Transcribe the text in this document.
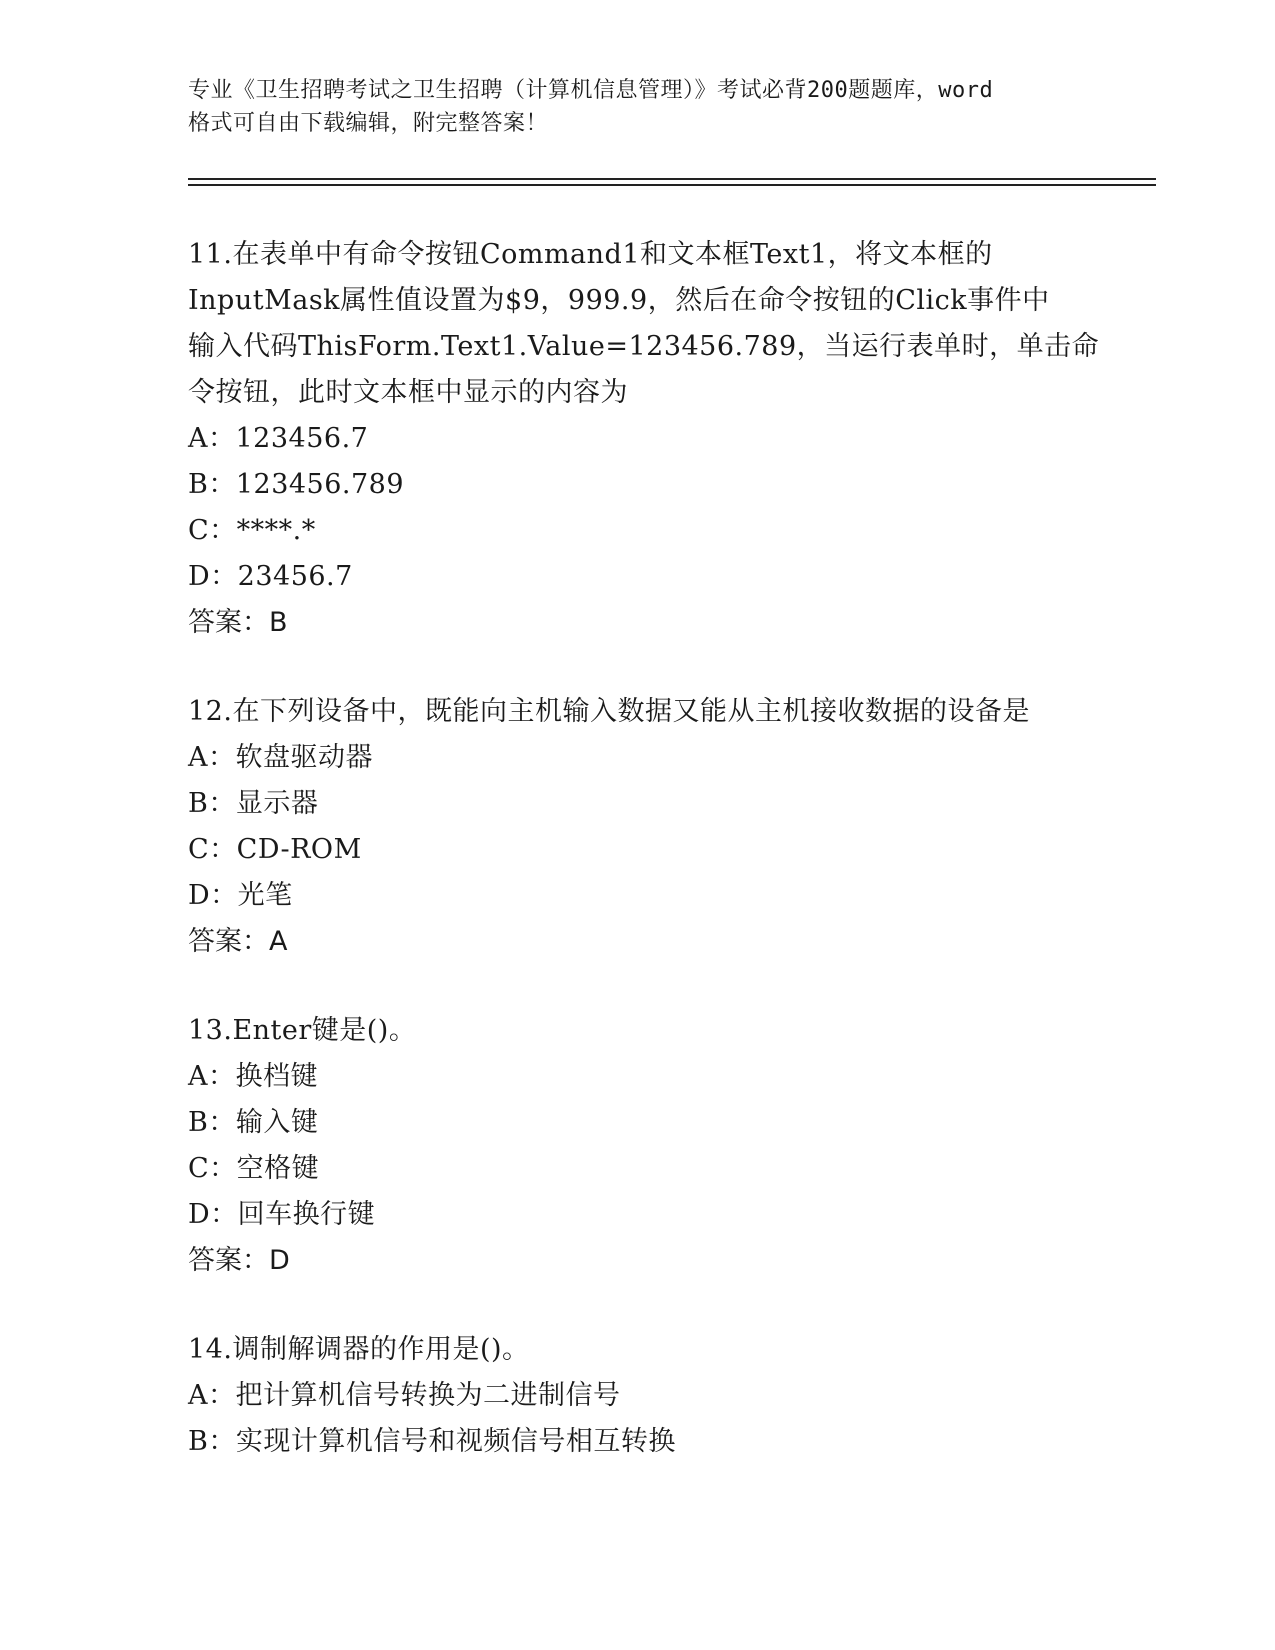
专业《卫生招聘考试之卫生招聘（计算机信息管理）》考试必背200题题库，word
格式可自由下载编辑，附完整答案！
11.在表单中有命令按钮Command1和文本框Text1，将文本框的
InputMask属性值设置为$9，999.9，然后在命令按钮的Click事件中
输入代码ThisForm.Text1.Value=123456.789，当运行表单时，单击命
令按钮，此时文本框中显示的内容为
A：123456.7
B：123456.789
C：****.*
D：23456.7
答案：B
12.在下列设备中，既能向主机输入数据又能从主机接收数据的设备是
A：软盘驱动器
B：显示器
C：CD-ROM
D：光笔
答案：A
13.Enter键是()。
A：换档键
B：输入键
C：空格键
D：回车换行键
答案：D
14.调制解调器的作用是()。
A：把计算机信号转换为二进制信号
B：实现计算机信号和视频信号相互转换
